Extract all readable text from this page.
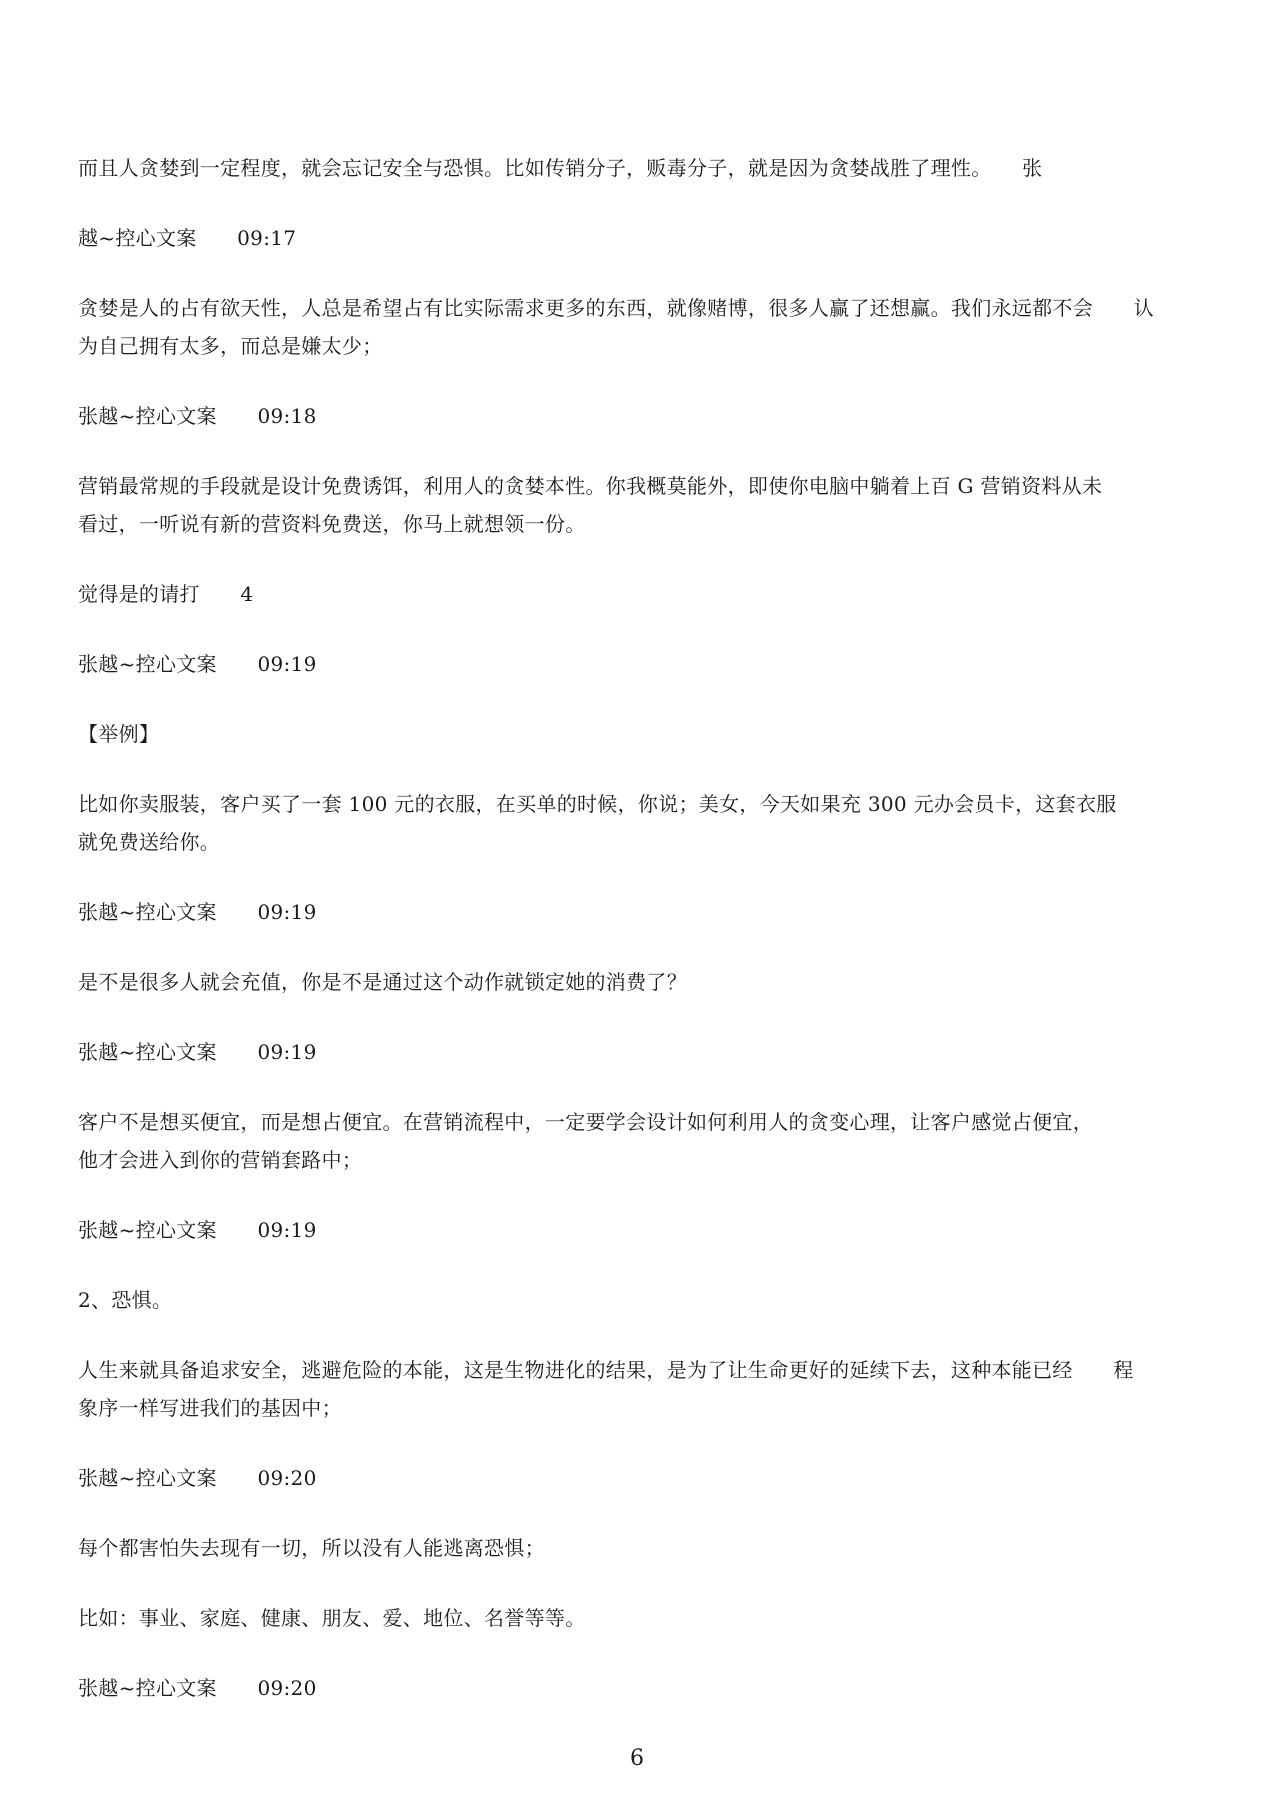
而且人贪婪到一定程度，就会忘记安全与恐惧。比如传销分子，贩毒分子，就是因为贪婪战胜了理性。　　张
越~控心文案　　09:17
贪婪是人的占有欲天性，人总是希望占有比实际需求更多的东西，就像赌博，很多人赢了还想赢。我们永远都不会　　认
为自己拥有太多，而总是嫌太少；
张越~控心文案　　09:18
营销最常规的手段就是设计免费诱饵，利用人的贪婪本性。你我概莫能外，即使你电脑中躺着上百 G 营销资料从未
看过，一听说有新的营资料免费送，你马上就想领一份。
觉得是的请打　　4
张越~控心文案　　09:19
【举例】
比如你卖服装，客户买了一套 100 元的衣服，在买单的时候，你说；美女，今天如果充 300 元办会员卡，这套衣服
就免费送给你。
张越~控心文案　　09:19
是不是很多人就会充值，你是不是通过这个动作就锁定她的消费了？
张越~控心文案　　09:19
客户不是想买便宜，而是想占便宜。在营销流程中，一定要学会设计如何利用人的贪变心理，让客户感觉占便宜，
他才会进入到你的营销套路中；
张越~控心文案　　09:19
2、恐惧。
人生来就具备追求安全，逃避危险的本能，这是生物进化的结果，是为了让生命更好的延续下去，这种本能已经　　程
象序一样写进我们的基因中；
张越~控心文案　　09:20
每个都害怕失去现有一切，所以没有人能逃离恐惧；
比如：事业、家庭、健康、朋友、爱、地位、名誉等等。
张越~控心文案　　09:20
6
